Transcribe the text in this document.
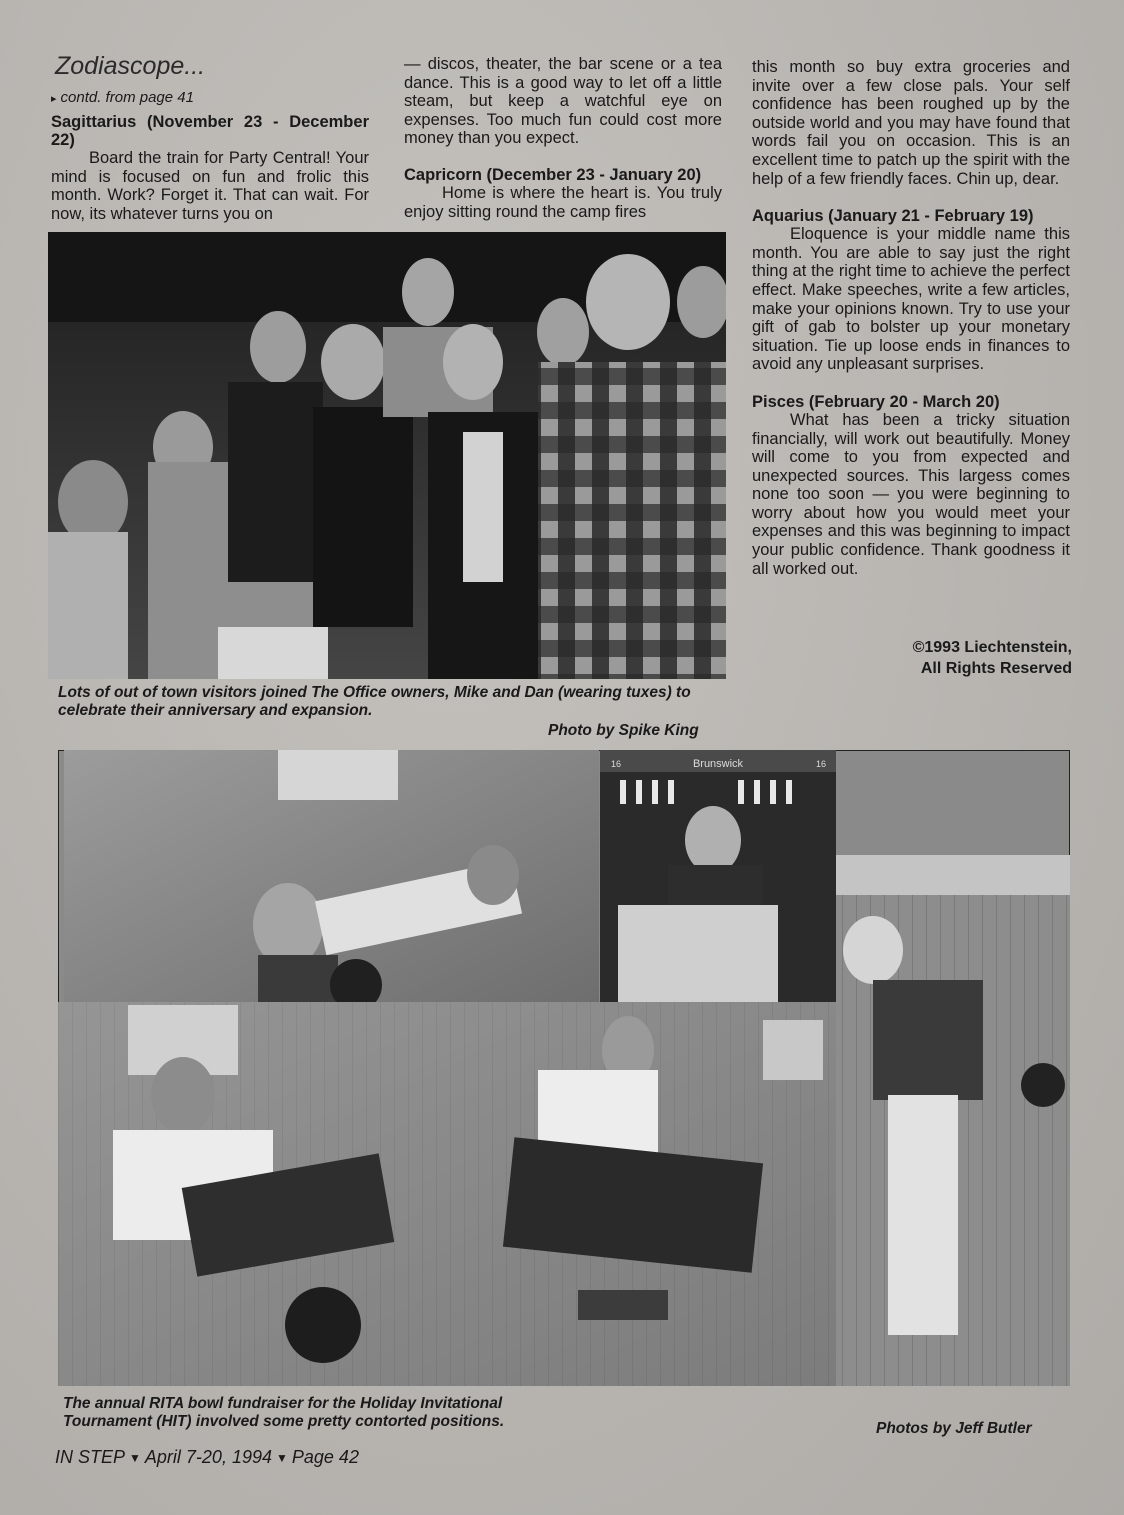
Zodiascope...
▸ contd. from page 41

Sagittarius (November 23 - December 22)

Board the train for Party Central! Your mind is focused on fun and frolic this month. Work? Forget it. That can wait. For now, its whatever turns you on

— discos, theater, the bar scene or a tea dance. This is a good way to let off a little steam, but keep a watchful eye on expenses. Too much fun could cost more money than you expect.

Capricorn (December 23 - January 20)

Home is where the heart is. You truly enjoy sitting round the camp fires

this month so buy extra groceries and invite over a few close pals. Your self confidence has been roughed up by the outside world and you may have found that words fail you on occasion. This is an excellent time to patch up the spirit with the help of a few friendly faces. Chin up, dear.

Aquarius (January 21 - February 19)

Eloquence is your middle name this month. You are able to say just the right thing at the right time to achieve the perfect effect. Make speeches, write a few articles, make your opinions known. Try to use your gift of gab to bolster up your monetary situation. Tie up loose ends in finances to avoid any unpleasant surprises.

Pisces (February 20 - March 20)

What has been a tricky situation financially, will work out beautifully. Money will come to you from expected and unexpected sources. This largess comes none too soon — you were beginning to worry about how you would meet your expenses and this was beginning to impact your public confidence. Thank goodness it all worked out.

©1993 Liechtenstein,
All Rights Reserved
Lots of out of town visitors joined The Office owners, Mike and Dan (wearing tuxes) to celebrate their anniversary and expansion.
Photo by Spike King
Brunswick
16	16
The annual RITA bowl fundraiser for the Holiday Invitational Tournament (HIT) involved some pretty contorted positions.	Photos by Jeff Butler
IN STEP ▼ April 7-20, 1994 ▼ Page 42
